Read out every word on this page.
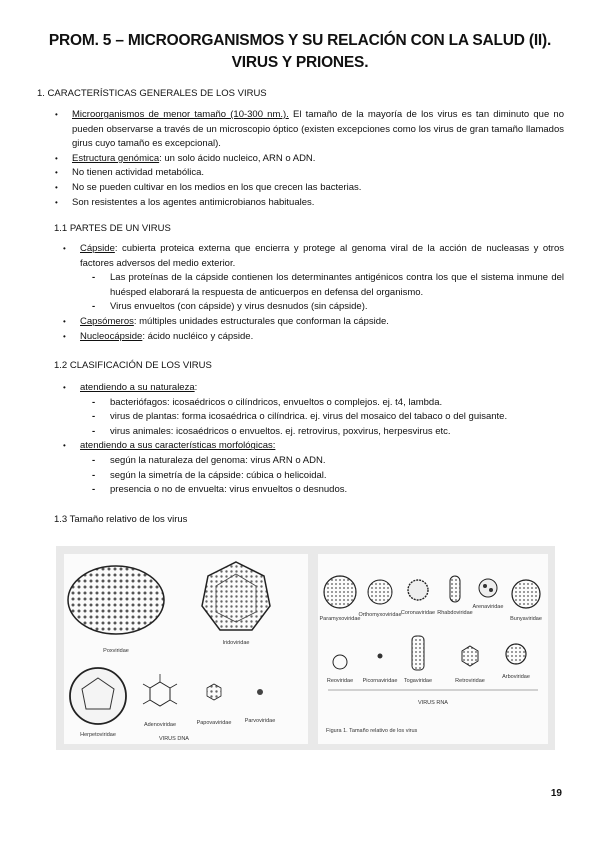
PROM. 5 – MICROORGANISMOS Y SU RELACIÓN CON LA SALUD (II).
VIRUS Y PRIONES.
1. CARACTERÍSTICAS GENERALES DE LOS VIRUS
• Microorganismos de menor tamaño (10-300 nm.). El tamaño de la mayoría de los virus es tan diminuto que no pueden observarse a través de un microscopio óptico (existen excepciones como los virus de gran tamaño llamados girus cuyo tamaño es excepcional).
• Estructura genómica: un solo ácido nucleico, ARN o ADN.
• No tienen actividad metabólica.
• No se pueden cultivar en los medios en los que crecen las bacterias.
• Son resistentes a los agentes antimicrobianos habituales.
1.1 PARTES DE UN VIRUS
• Cápside: cubierta proteica externa que encierra y protege al genoma viral de la acción de nucleasas y otros factores adversos del medio exterior.
- Las proteínas de la cápside contienen los determinantes antigénicos contra los que el sistema inmune del huésped elaborará la respuesta de anticuerpos en defensa del organismo.
- Virus envueltos (con cápside) y virus desnudos (sin cápside).
• Capsómeros: múltiples unidades estructurales que conforman la cápside.
• Nucleocápside: ácido nucléico y cápside.
1.2 CLASIFICACIÓN DE LOS VIRUS
• atendiendo a su naturaleza:
- bacteriófagos: icosaédricos o cilíndricos, envueltos o complejos. ej. t4, lambda.
- virus de plantas: forma icosaédrica o cilíndrica. ej. virus del mosaico del tabaco o del guisante.
- virus animales: icosaédricos o envueltos. ej. retrovirus, poxvirus, herpesvirus etc.
• atendiendo a sus características morfológicas:
- según la naturaleza del genoma: virus ARN o ADN.
- según la simetría de la cápside: cúbica o helicoidal.
- presencia o no de envuelta: virus envueltos o desnudos.
1.3 Tamaño relativo de los virus
Poxviridae
Iridoviridae
Herpetoviridae
Adenoviridae	Papovaviridae Parvoviridae
VIRUS DNA
Paramyxoviridae
Orthomyxoviridae Coronaviridae Rhabdoviridae
Arenaviridae
Bunyaviridae
Reoviridae Picornaviridae Togaviridae	Retroviridae
Arboviridae
VIRUS RNA
Figura 1. Tamaño relativo de los virus
19
